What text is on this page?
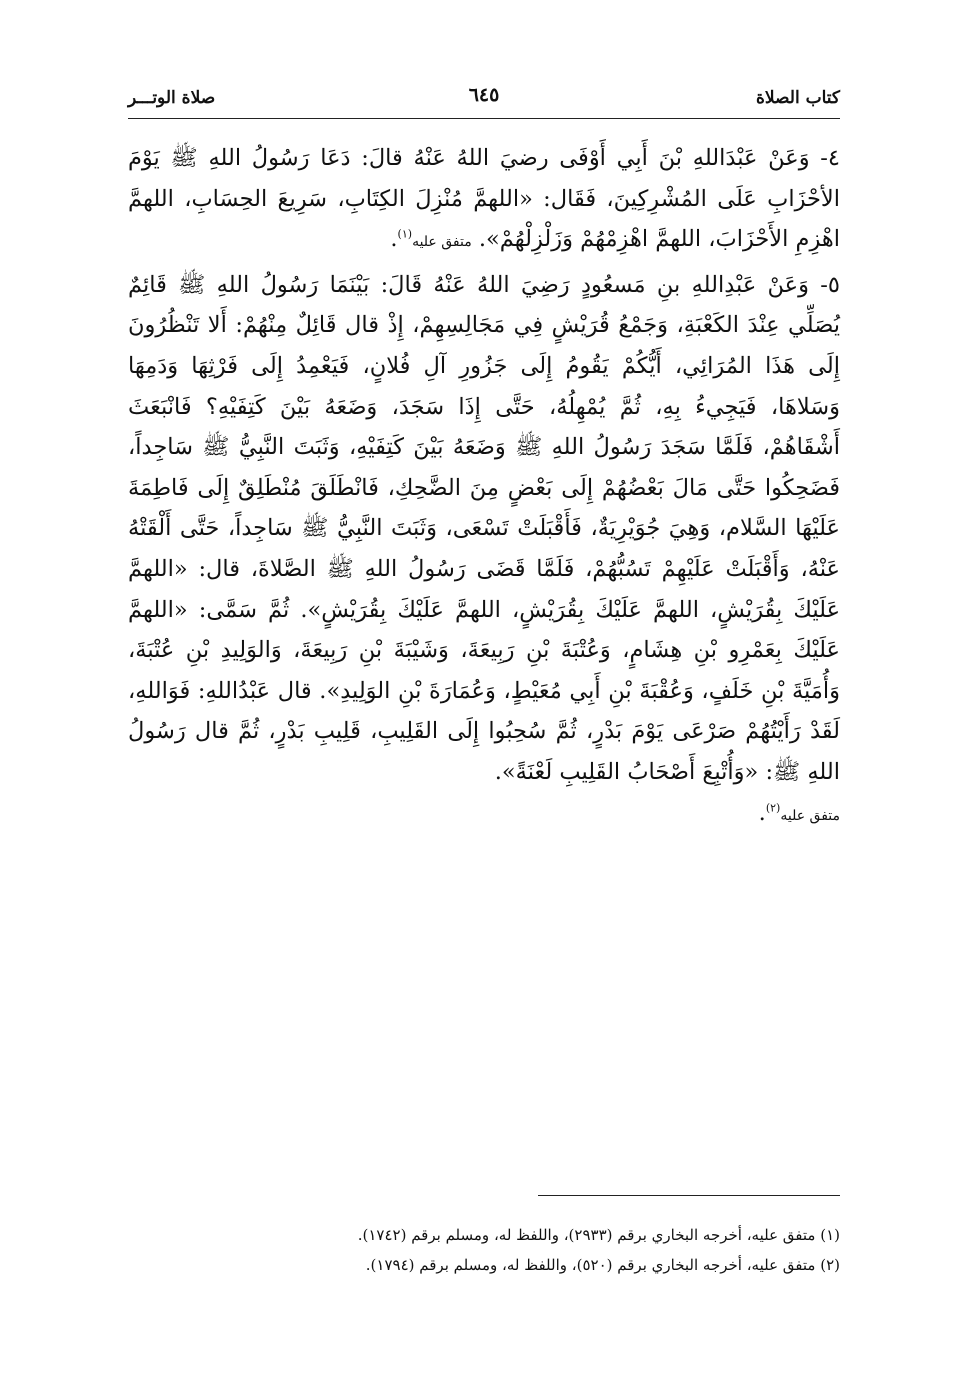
صلاة الوتـــر	٦٤٥	كتاب الصلاة

٤- وَعَنْ عَبْدَاللهِ بْنَ أَبِي أَوْفَى رضيَ اللهُ عَنْهُ قالَ: دَعَا رَسُولُ اللهِ ﷺ يَوْمَ الأحْزَابِ عَلَى المُشْرِكِينَ، فَقَال: «اللهمَّ مُنْزِلَ الكِتَابِ، سَرِيعَ الحِسَابِ، اللهمَّ اهْزِمِ الأَحْزَابَ، اللهمَّ اهْزِمْهُمْ وَزَلْزِلْهُمْ». متفق عليه$^{(١)}$.

٥- وَعَنْ عَبْدِاللهِ بنِ مَسعُودٍ رَضِيَ اللهُ عَنْهُ قَالَ: بَيْنَمَا رَسُولُ اللهِ ﷺ قَائِمٌ يُصَلِّي عِنْدَ الكَعْبَةِ، وَجَمْعُ قُرَيْشٍ فِي مَجَالِسِهِمْ، إِذْ قال قَائِلٌ مِنْهُمْ: أَلا تَنْظُرُونَ إِلَى هَذَا المُرَائِي، أَيُّكُمْ يَقُومُ إِلَى جَزُورِ آلِ فُلانٍ، فَيَعْمِدُ إِلَى فَرْثِهَا وَدَمِهَا وَسَلاهَا، فَيَجِيءُ بِهِ، ثُمَّ يُمْهِلُهُ، حَتَّى إِذَا سَجَدَ، وَضَعَهُ بَيْنَ كَتِفَيْهِ؟ فَانْبَعَثَ أَشْقَاهُمْ، فَلَمَّا سَجَدَ رَسُولُ اللهِ ﷺ وَضَعَهُ بَيْنَ كَتِفَيْهِ، وَثَبَتَ النَّبِيُّ ﷺ سَاجِداً، فَضَحِكُوا حَتَّى مَالَ بَعْضُهُمْ إِلَى بَعْضٍ مِنَ الضَّحِكِ، فَانْطَلَقَ مُنْطَلِقٌ إِلَى فَاطِمَةَ عَلَيْهَا السَّلام، وَهِيَ جُوَيْرِيَةٌ، فَأَقْبَلَتْ تَسْعَى، وَثَبَتَ النَّبِيُّ ﷺ سَاجِداً، حَتَّى أَلْقَتْهُ عَنْهُ، وَأَقْبَلَتْ عَلَيْهِمْ تَسُبُّهُمْ، فَلَمَّا قَضَى رَسُولُ اللهِ ﷺ الصَّلاةَ، قال: «اللهمَّ عَلَيْكَ بِقُرَيْشٍ، اللهمَّ عَلَيْكَ بِقُرَيْشٍ، اللهمَّ عَلَيْكَ بِقُرَيْشٍ». ثُمَّ سَمَّى: «اللهمَّ عَلَيْكَ بِعَمْرِو بْنِ هِشَامٍ، وَعُتْبَةَ بْنِ رَبِيعَةَ، وَشَيْبَةَ بْنِ رَبِيعَةَ، وَالوَلِيدِ بْنِ عُتْبَةَ، وَأُمَيَّةَ بْنِ خَلَفٍ، وَعُقْبَةَ بْنِ أَبِي مُعَيْطٍ، وَعُمَارَةَ بْنِ الوَلِيدِ». قال عَبْدُاللهِ: فَوَاللهِ، لَقَدْ رَأَيْتُهُمْ صَرْعَى يَوْمَ بَدْرٍ، ثُمَّ سُحِبُوا إِلَى القَلِيبِ، قَلِيبِ بَدْرٍ، ثُمَّ قال رَسُولُ اللهِ ﷺ: «وَأُتْبِعَ أَصْحَابُ القَلِيبِ لَعْنَةً».
متفق عليه$^{(٢)}$.

(١) متفق عليه، أخرجه البخاري برقم (٢٩٣٣)، واللفظ له، ومسلم برقم (١٧٤٢).

(٢) متفق عليه، أخرجه البخاري برقم (٥٢٠)، واللفظ له، ومسلم برقم (١٧٩٤).
